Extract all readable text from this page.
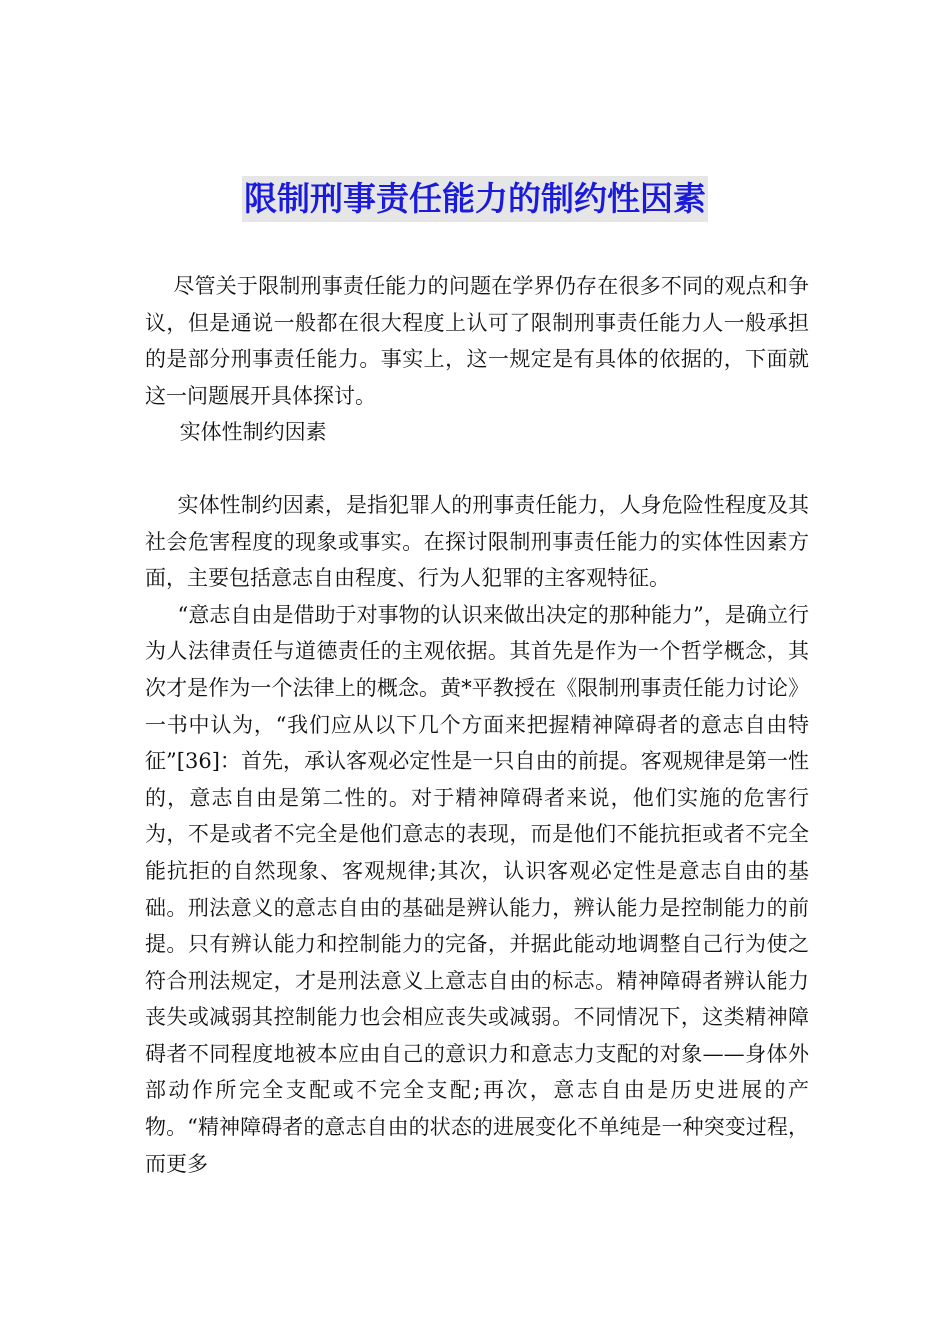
限制刑事责任能力的制约性因素

尽管关于限制刑事责任能力的问题在学界仍存在很多不同的观点和争议，但是通说一般都在很大程度上认可了限制刑事责任能力人一般承担的是部分刑事责任能力。事实上，这一规定是有具体的依据的，下面就这一问题展开具体探讨。

实体性制约因素

实体性制约因素，是指犯罪人的刑事责任能力，人身危险性程度及其社会危害程度的现象或事实。在探讨限制刑事责任能力的实体性因素方面，主要包括意志自由程度、行为人犯罪的主客观特征。

“意志自由是借助于对事物的认识来做出决定的那种能力”，是确立行为人法律责任与道德责任的主观依据。其首先是作为一个哲学概念，其次才是作为一个法律上的概念。黄*平教授在《限制刑事责任能力讨论》一书中认为，“我们应从以下几个方面来把握精神障碍者的意志自由特征”[36]：首先，承认客观必定性是一只自由的前提。客观规律是第一性的，意志自由是第二性的。对于精神障碍者来说，他们实施的危害行为，不是或者不完全是他们意志的表现，而是他们不能抗拒或者不完全能抗拒的自然现象、客观规律;其次，认识客观必定性是意志自由的基础。刑法意义的意志自由的基础是辨认能力，辨认能力是控制能力的前提。只有辨认能力和控制能力的完备，并据此能动地调整自己行为使之符合刑法规定，才是刑法意义上意志自由的标志。精神障碍者辨认能力丧失或减弱其控制能力也会相应丧失或减弱。不同情况下，这类精神障碍者不同程度地被本应由自己的意识力和意志力支配的对象——身体外部动作所完全支配或不完全支配;再次，意志自由是历史进展的产物。“精神障碍者的意志自由的状态的进展变化不单纯是一种突变过程，而更多
